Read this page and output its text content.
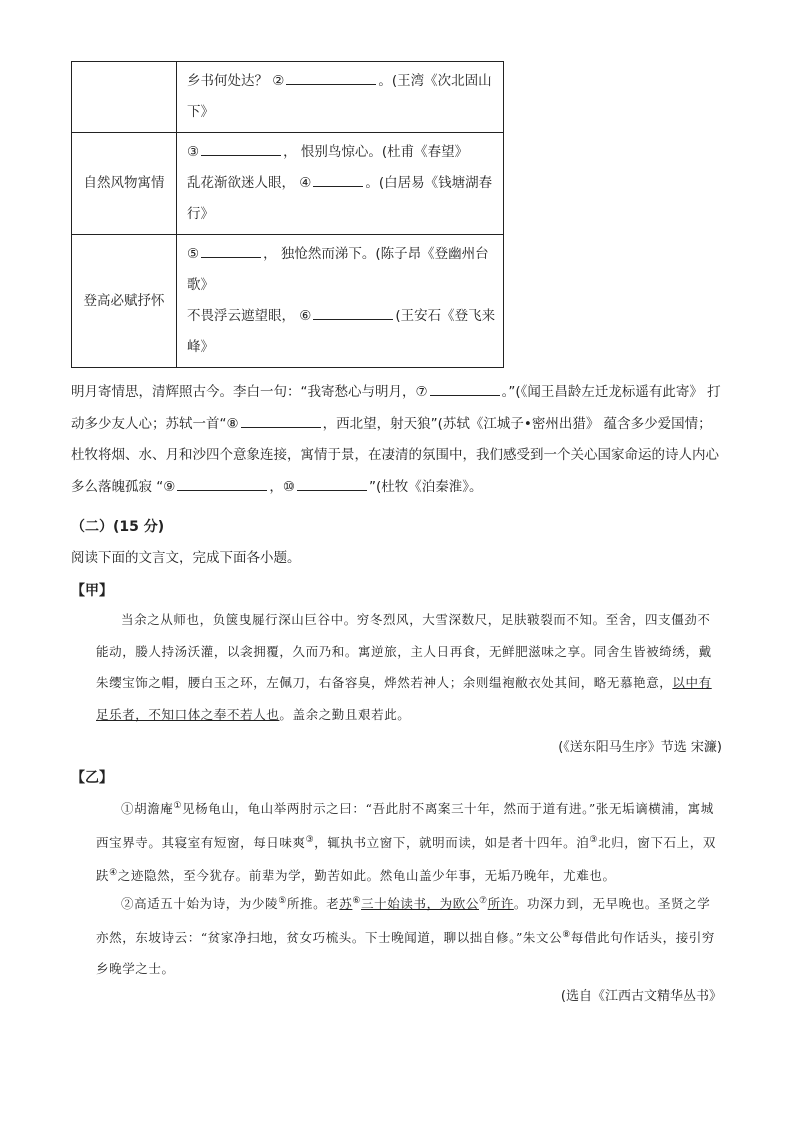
	乡书何处达？ ② 。(王湾《次北固山下》
自然风物寓情	③ ， 恨别鸟惊心。(杜甫《春望》
乱花渐欲迷人眼， ④ 。(白居易《钱塘湖春行》
登高必赋抒怀	⑤ ， 独怆然而涕下。(陈子昂《登幽州台歌》
不畏浮云遮望眼， ⑥ (王安石《登飞来峰》
明月寄情思，清辉照古今。李白一句：“我寄愁心与明月，⑦	。”(《闻王昌龄左迁龙标遥有此寄》 打动多少友人心；苏轼一首“⑧	，西北望，射天狼”(苏轼《江城子•密州出猎》 蕴含多少爱国情；杜牧将烟、水、月和沙四个意象连接，寓情于景，在凄清的氛围中，我们感受到一个关心国家命运的诗人内心多么落魄孤寂 “⑨	，⑩	”(杜牧《泊秦淮》。
（二）(15 分)
阅读下面的文言文，完成下面各小题。
【甲】
当余之从师也，负箧曳屣行深山巨谷中。穷冬烈风，大雪深数尺，足肤皲裂而不知。至舍，四支僵劲不能动，媵人持汤沃灌，以衾拥覆，久而乃和。寓逆旅，主人日再食，无鲜肥滋味之享。同舍生皆被绮绣，戴朱缨宝饰之帽，腰白玉之环，左佩刀，右备容臭，烨然若神人；余则缊袍敝衣处其间，略无慕艳意，以中有足乐者，不知口体之奉不若人也。盖余之勤且艰若此。
(《送东阳马生序》节选 宋濂)
【乙】
①胡澹庵①见杨龟山，龟山举两肘示之曰：“吾此肘不离案三十年，然而于道有进。”张无垢谪横浦，寓城西宝界寺。其寝室有短窗，每日味爽③，辄执书立窗下，就明而读，如是者十四年。洎③北归，窗下石上，双趺④之迹隐然，至今犹存。前辈为学，勤苦如此。然龟山盖少年事，无垢乃晚年，尤难也。
②高适五十始为诗，为少陵⑤所推。老苏⑥三十始读书，为欧公⑦所许。功深力到，无早晚也。圣贤之学亦然，东坡诗云：“贫家净扫地，贫女巧梳头。下士晚闻道，聊以拙自修。”朱文公⑧每借此句作话头，接引穷乡晚学之士。
(选自《江西古文精华丛书》
